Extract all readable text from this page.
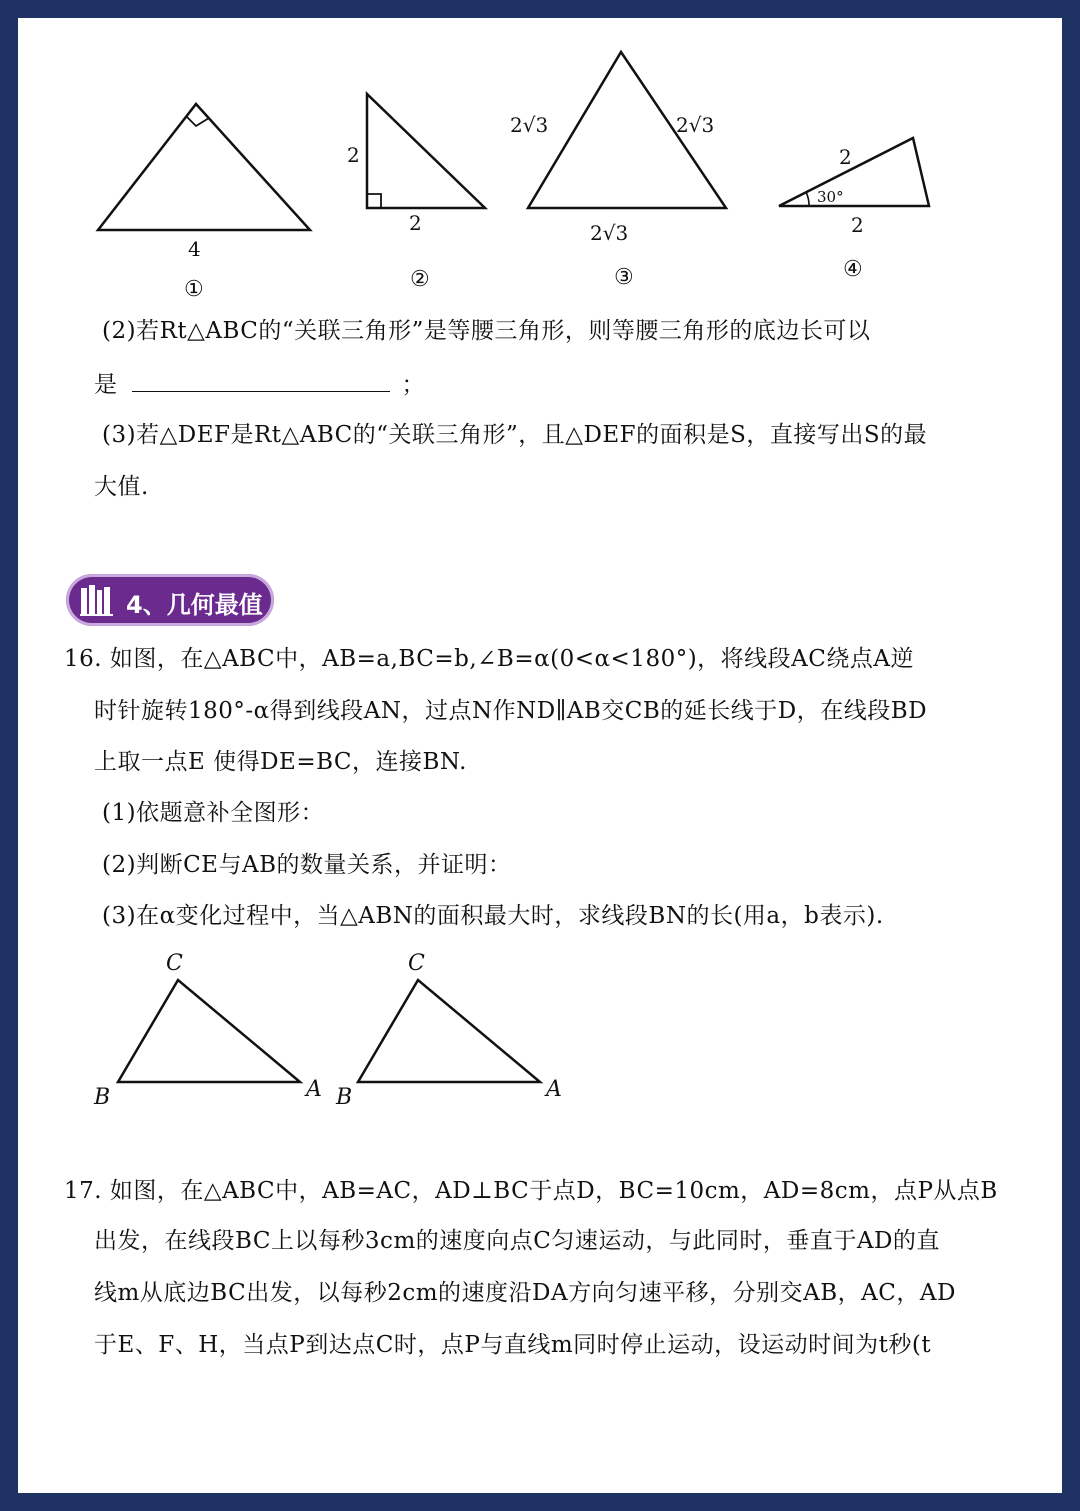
4
①
2
2
②
2√3	2√3
2√3
③
2
30°
2
④
(2)若Rt△ABC的“关联三角形”是等腰三角形，则等腰三角形的底边长可以
是	；
(3)若△DEF是Rt△ABC的“关联三角形”，且△DEF的面积是S，直接写出S的最
大值.
4、几何最值
16. 如图，在△ABC中，AB=a,BC=b,∠B=α(0<α<180°)，将线段AC绕点A逆
时针旋转180°-α得到线段AN，过点N作ND∥AB交CB的延长线于D，在线段BD
上取一点E 使得DE=BC，连接BN.
(1)依题意补全图形：
(2)判断CE与AB的数量关系，并证明：
(3)在α变化过程中，当△ABN的面积最大时，求线段BN的长(用a，b表示).
C
B	A
C
B	A
17. 如图，在△ABC中，AB=AC，AD⊥BC于点D，BC=10cm，AD=8cm，点P从点B
出发，在线段BC上以每秒3cm的速度向点C匀速运动，与此同时，垂直于AD的直
线m从底边BC出发，以每秒2cm的速度沿DA方向匀速平移，分别交AB，AC，AD
于E、F、H，当点P到达点C时，点P与直线m同时停止运动，设运动时间为t秒(t
